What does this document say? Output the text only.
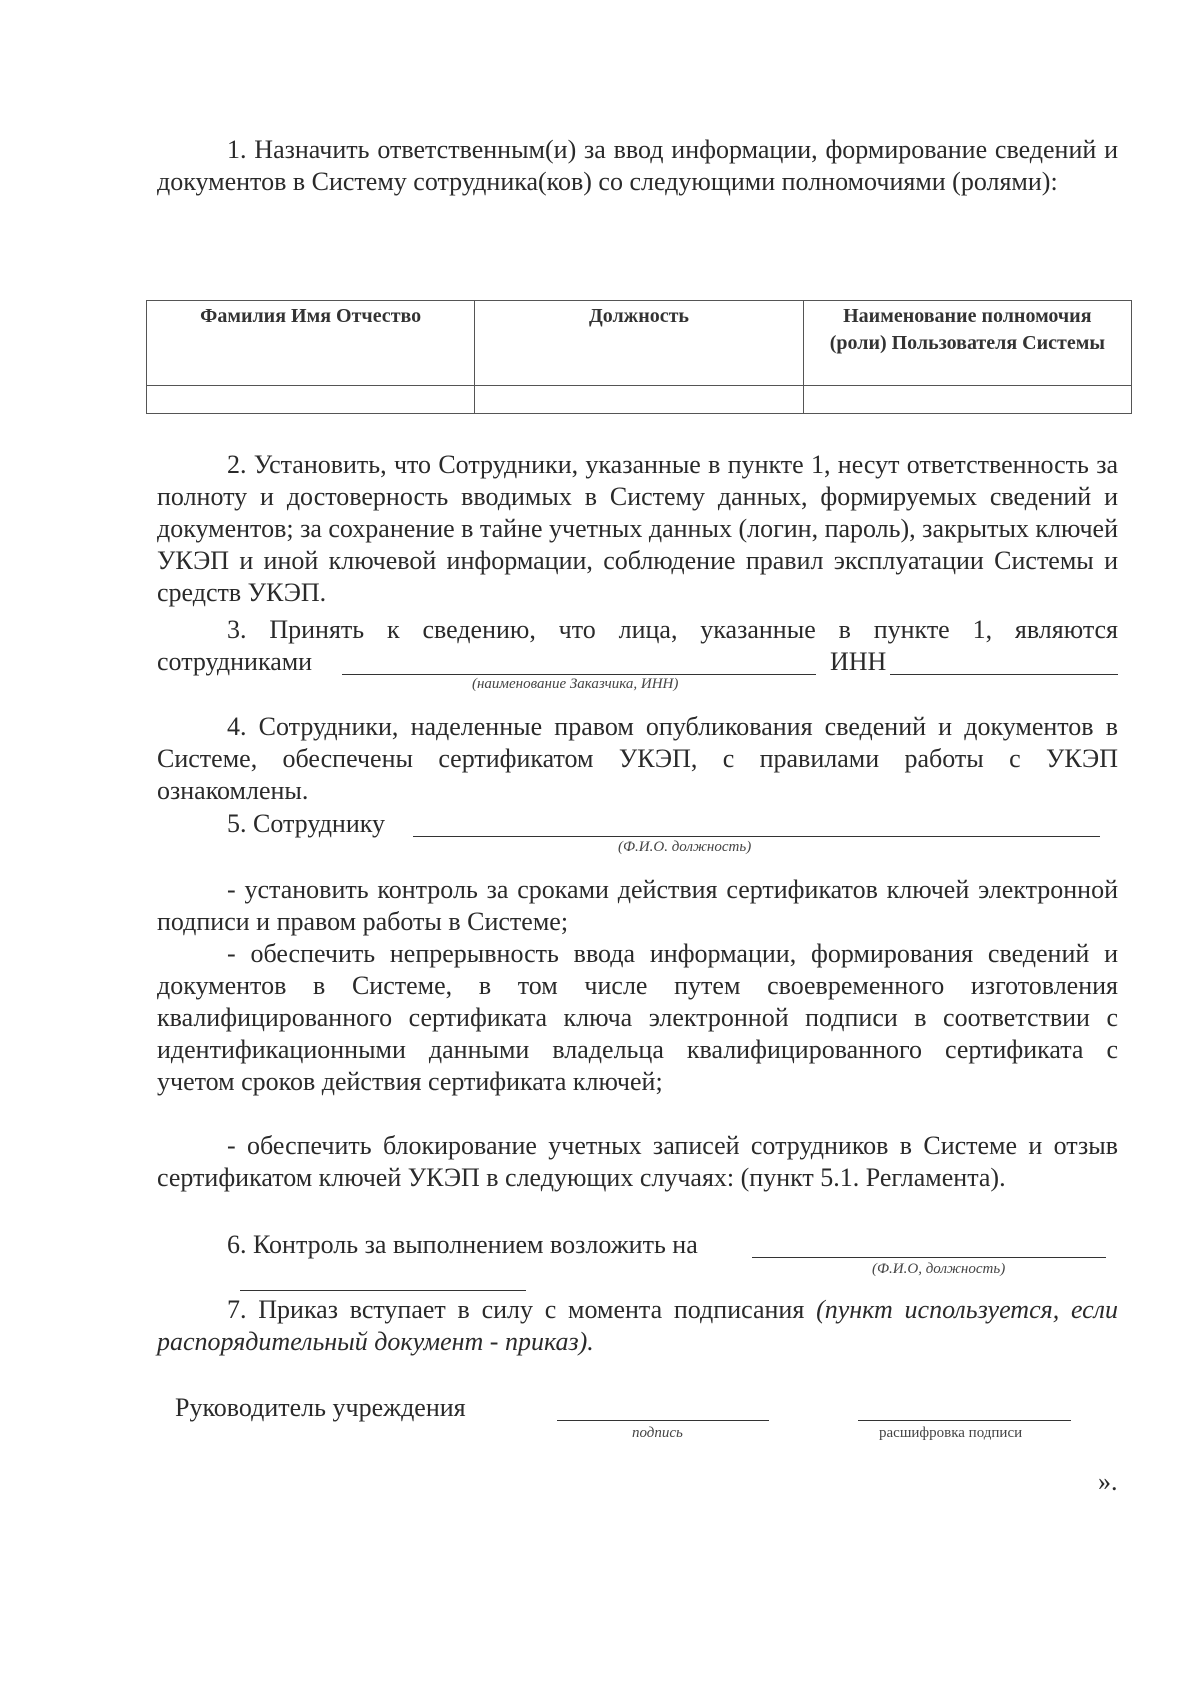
1. Назначить ответственным(и) за ввод информации, формирование сведений и документов в Систему сотрудника(ков) со следующими полномочиями (ролями):

Фамилия Имя Отчество	Должность	Наименование полномочия (роли) Пользователя Системы

2. Установить, что Сотрудники, указанные в пункте 1, несут ответственность за полноту и достоверность вводимых в Систему данных, формируемых сведений и документов; за сохранение в тайне учетных данных (логин, пароль), закрытых ключей УКЭП и иной ключевой информации, соблюдение правил эксплуатации Системы и средств УКЭП.

3. Принять к сведению, что лица, указанные в пункте 1, являются

сотрудниками	ИНН
(наименование Заказчика, ИНН)

4. Сотрудники, наделенные правом опубликования сведений и документов в Системе, обеспечены сертификатом УКЭП, с правилами работы с УКЭП ознакомлены.

5. Сотруднику
(Ф.И.О. должность)

- установить контроль за сроками действия сертификатов ключей электронной подписи и правом работы в Системе;

- обеспечить непрерывность ввода информации, формирования сведений и документов в Системе, в том числе путем своевременного изготовления квалифицированного сертификата ключа электронной подписи в соответствии с идентификационными данными владельца квалифицированного сертификата с учетом сроков действия сертификата ключей;

- обеспечить блокирование учетных записей сотрудников в Системе и отзыв сертификатом ключей УКЭП в следующих случаях: (пункт 5.1. Регламента).

6. Контроль за выполнением возложить на
(Ф.И.О, должность)

7. Приказ вступает в силу с момента подписания (пункт используется, если распорядительный документ - приказ).

Руководитель учреждения
подпись	расшифровка подписи
».
